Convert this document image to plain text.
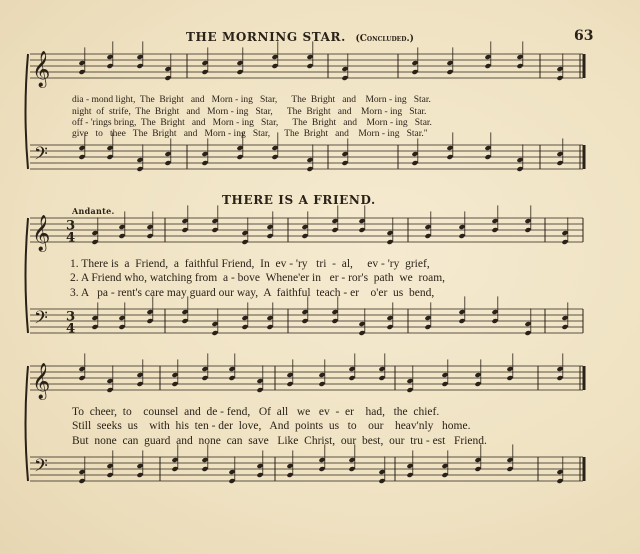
THE MORNING STAR. (Concluded.)	63
𝄞
𝄢
𝄞
𝄢
3
4
3
4
𝄞
𝄢
dia - mond light,  The  Bright   and   Morn - ing   Star,      The  Bright   and    Morn - ing   Star.
night  of  strife,  The  Bright   and   Morn - ing   Star,      The  Bright   and    Morn - ing   Star.
off - 'rings bring,  The  Bright   and   Morn - ing   Star,      The  Bright   and    Morn - ing   Star.
give   to   thee   The  Bright   and   Morn - ing   Star,      The  Bright   and    Morn - ing   Star."
THERE IS A FRIEND.
Andante.
1. There is  a  Friend,  a  faithful Friend,  In  ev - 'ry   tri  -  al,     ev - 'ry  grief,
2. A Friend who, watching from  a - bove  Whene'er in   er - ror's  path  we  roam,
3. A   pa - rent's care may guard our way,  A  faithful  teach - er    o'er  us  bend,
To  cheer,  to    counsel  and  de - fend,   Of  all   we   ev  -  er    had,   the  chief.
Still  seeks  us    with  his  ten - der  love,   And  points  us   to    our    heav'nly   home.
But  none  can  guard  and  none  can  save   Like  Christ,  our  best,  our  tru - est   Friend.
